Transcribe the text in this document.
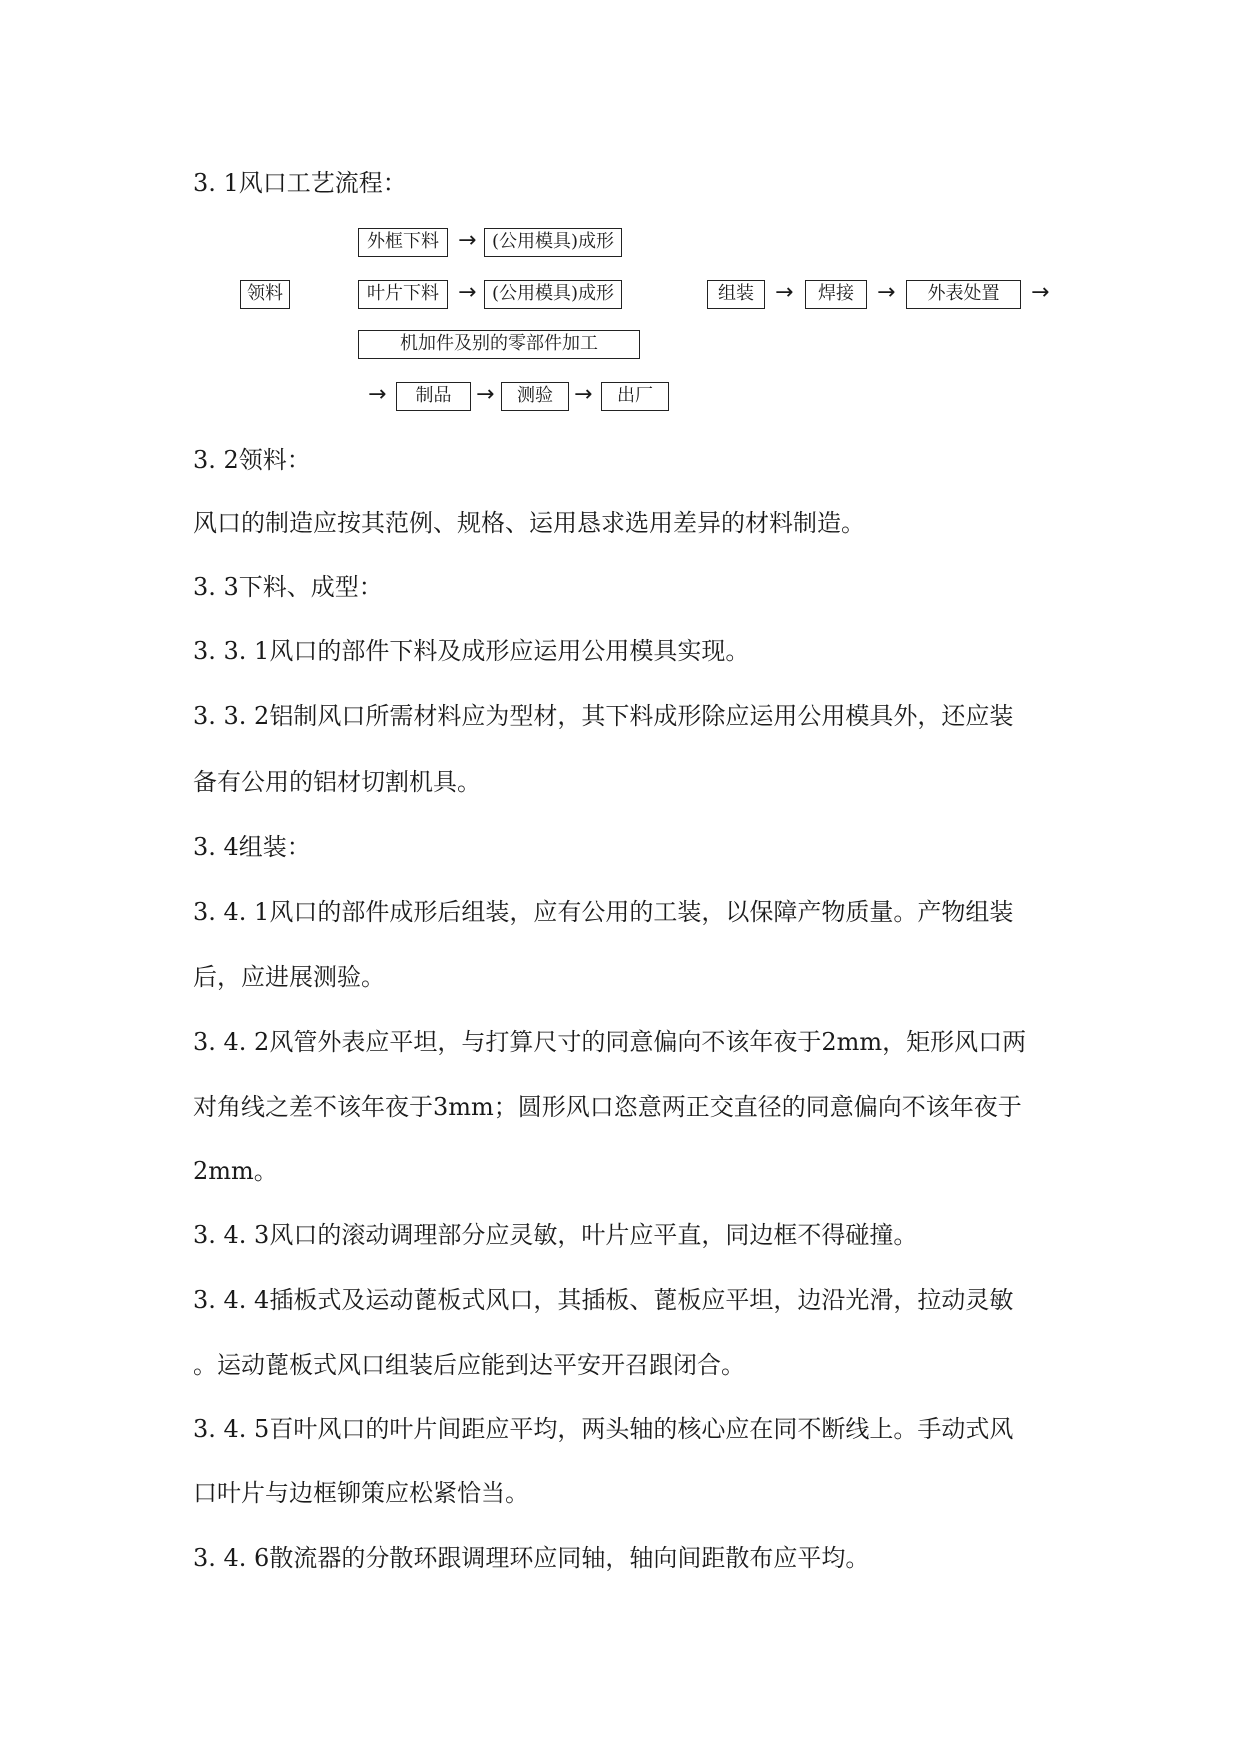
3. 1风口工艺流程：
外框下料 → (公用模具)成形
领料	叶片下料 → (公用模具)成形	组装 →	焊接	→	外表处置	→
机加件及别的零部件加工
→	制品	→	测验 →	出厂
3. 2领料：
风口的制造应按其范例、规格、运用恳求选用差异的材料制造。
3. 3下料、成型：
3. 3. 1风口的部件下料及成形应运用公用模具实现。
3. 3. 2铝制风口所需材料应为型材，其下料成形除应运用公用模具外，还应装
备有公用的铝材切割机具。
3. 4组装：
3. 4. 1风口的部件成形后组装，应有公用的工装，以保障产物质量。产物组装
后，应进展测验。
3. 4. 2风管外表应平坦，与打算尺寸的同意偏向不该年夜于2mm，矩形风口两
对角线之差不该年夜于3mm；圆形风口恣意两正交直径的同意偏向不该年夜于
2mm。
3. 4. 3风口的滚动调理部分应灵敏，叶片应平直，同边框不得碰撞。
3. 4. 4插板式及运动蓖板式风口，其插板、蓖板应平坦，边沿光滑，拉动灵敏
。运动蓖板式风口组装后应能到达平安开召跟闭合。
3. 4. 5百叶风口的叶片间距应平均，两头轴的核心应在同不断线上。手动式风
口叶片与边框铆策应松紧恰当。
3. 4. 6散流器的分散环跟调理环应同轴，轴向间距散布应平均。
